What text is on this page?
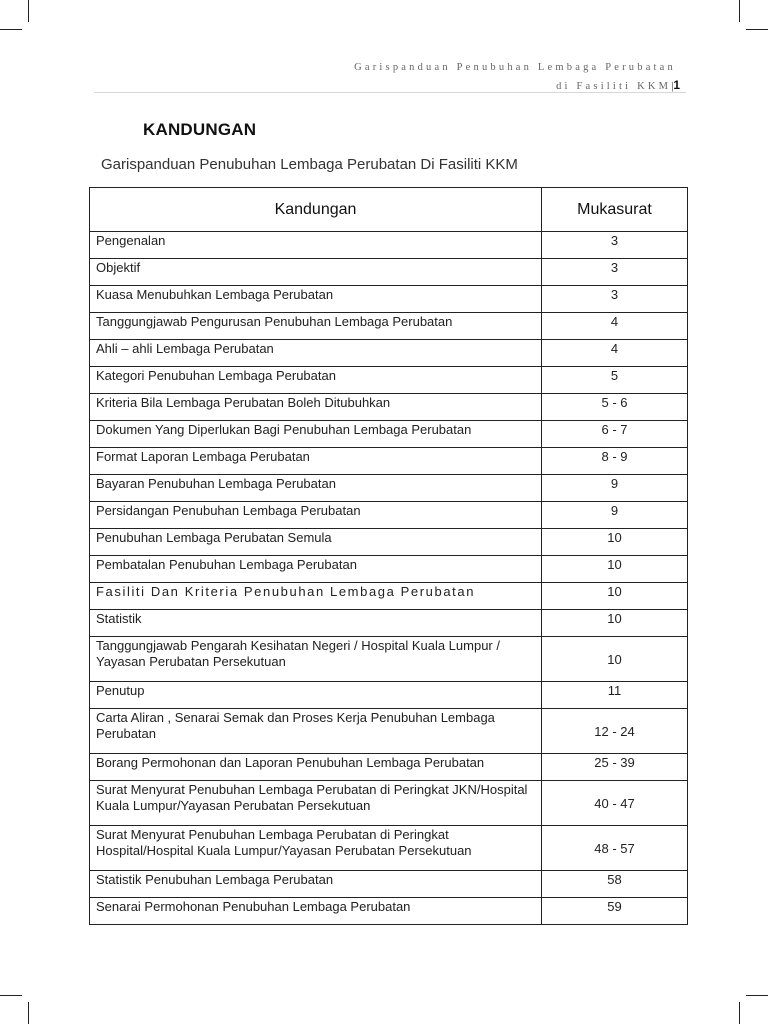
Garispanduan Penubuhan Lembaga Perubatan
di Fasiliti KKM|1
KANDUNGAN
Garispanduan Penubuhan Lembaga Perubatan Di Fasiliti KKM
Kandungan	Mukasurat
Pengenalan	3
Objektif	3
Kuasa Menubuhkan Lembaga Perubatan	3
Tanggungjawab Pengurusan Penubuhan Lembaga Perubatan	4
Ahli – ahli Lembaga Perubatan	4
Kategori Penubuhan Lembaga Perubatan	5
Kriteria Bila Lembaga Perubatan Boleh Ditubuhkan	5 - 6
Dokumen Yang Diperlukan Bagi Penubuhan Lembaga Perubatan	6 - 7
Format Laporan Lembaga Perubatan	8 - 9
Bayaran Penubuhan Lembaga Perubatan	9
Persidangan Penubuhan Lembaga Perubatan	9
Penubuhan Lembaga Perubatan Semula	10
Pembatalan Penubuhan Lembaga Perubatan	10
Fasiliti Dan Kriteria Penubuhan Lembaga Perubatan	10
Statistik	10
Tanggungjawab Pengarah Kesihatan Negeri / Hospital Kuala Lumpur / Yayasan Perubatan Persekutuan	10
Penutup	11
Carta Aliran , Senarai Semak dan Proses Kerja Penubuhan Lembaga Perubatan	12 - 24
Borang Permohonan dan Laporan Penubuhan Lembaga Perubatan	25 - 39
Surat Menyurat Penubuhan Lembaga Perubatan di Peringkat JKN/Hospital Kuala Lumpur/Yayasan Perubatan Persekutuan	40 - 47
Surat Menyurat Penubuhan Lembaga Perubatan di Peringkat Hospital/Hospital Kuala Lumpur/Yayasan Perubatan Persekutuan	48 - 57
Statistik Penubuhan Lembaga Perubatan	58
Senarai Permohonan Penubuhan Lembaga Perubatan	59
